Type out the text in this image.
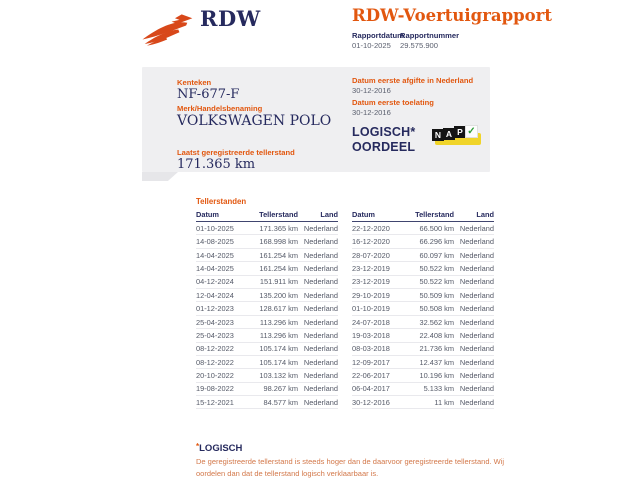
RDW	RDW-Voertuigrapport
Rapportdatum
Rapportnummer
01-10-2025 29.575.900
Kenteken
NF-677-F
Merk/Handelsbenaming
VOLKSWAGEN POLO
Laatst geregistreerde tellerstand
171.365 km
Datum eerste afgifte in Nederland
30-12-2016
Datum eerste toelating
30-12-2016
LOGISCH*
OORDEEL
N A P ✓
Tellerstanden
Datum	Tellerstand	Land
01-10-2025	171.365 km	Nederland
14-08-2025	168.998 km	Nederland
14-04-2025	161.254 km	Nederland
14-04-2025	161.254 km	Nederland
04-12-2024	151.911 km	Nederland
12-04-2024	135.200 km	Nederland
01-12-2023	128.617 km	Nederland
25-04-2023	113.296 km	Nederland
25-04-2023	113.296 km	Nederland
08-12-2022	105.174 km	Nederland
08-12-2022	105.174 km	Nederland
20-10-2022	103.132 km	Nederland
19-08-2022	98.267 km	Nederland
15-12-2021	84.577 km	Nederland
Datum	Tellerstand	Land
22-12-2020	66.500 km	Nederland
16-12-2020	66.296 km	Nederland
28-07-2020	60.097 km	Nederland
23-12-2019	50.522 km	Nederland
23-12-2019	50.522 km	Nederland
29-10-2019	50.509 km	Nederland
01-10-2019	50.508 km	Nederland
24-07-2018	32.562 km	Nederland
19-03-2018	22.408 km	Nederland
08-03-2018	21.736 km	Nederland
12-09-2017	12.437 km	Nederland
22-06-2017	10.196 km	Nederland
06-04-2017	5.133 km	Nederland
30-12-2016	11 km	Nederland
*LOGISCH
De geregistreerde tellerstand is steeds hoger dan de daarvoor geregistreerde tellerstand. Wij oordelen dan dat de tellerstand logisch verklaarbaar is.
